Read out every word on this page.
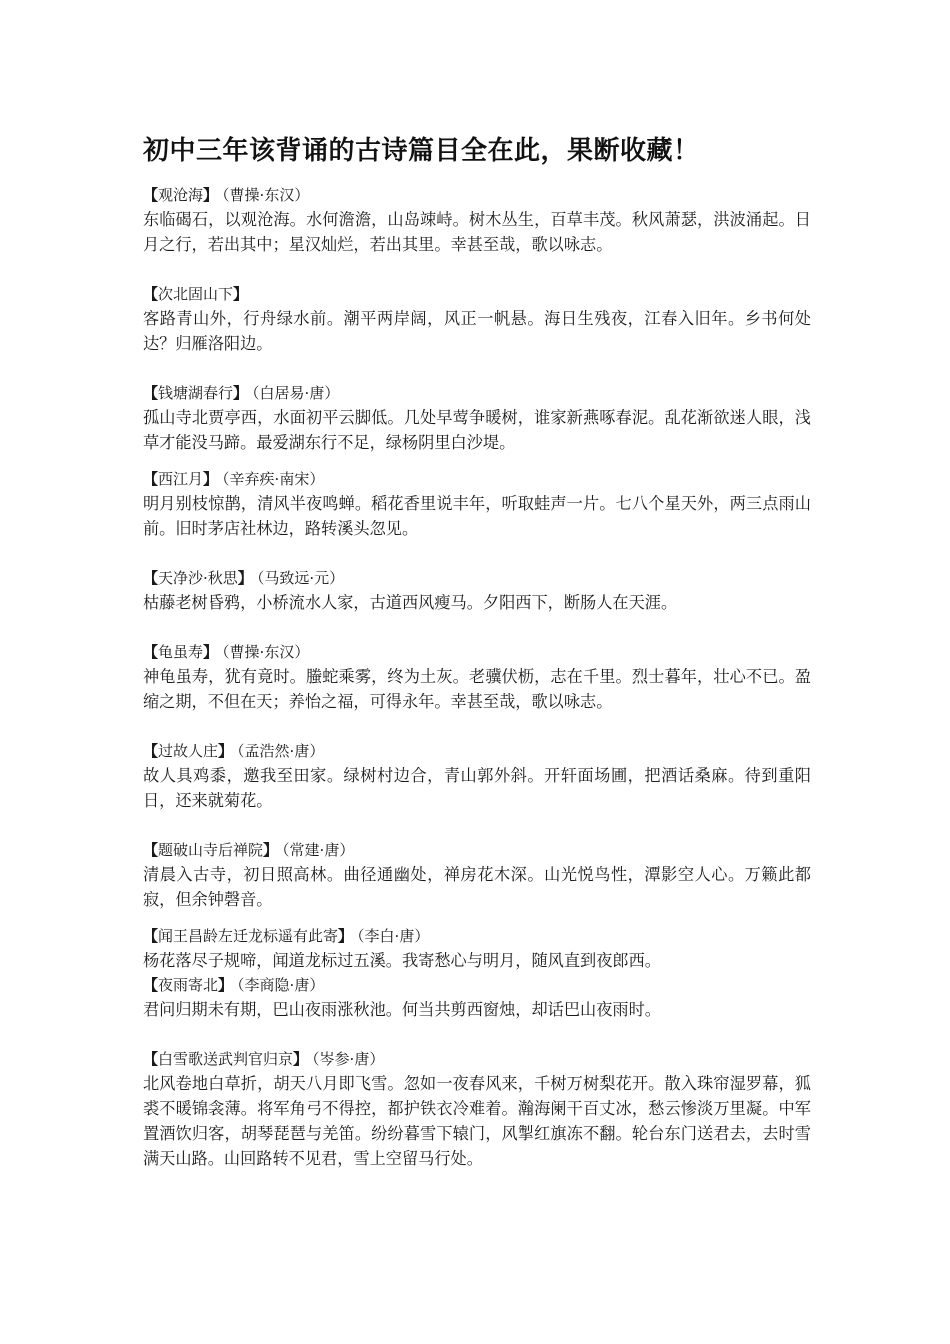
初中三年该背诵的古诗篇目全在此，果断收藏！
【观沧海】 （曹操·东汉）

东临碣石，以观沧海。水何澹澹，山岛竦峙。树木丛生，百草丰茂。秋风萧瑟，洪波涌起。日月之行，若出其中；星汉灿烂，若出其里。幸甚至哉，歌以咏志。

【次北固山下】

客路青山外，行舟绿水前。潮平两岸阔，风正一帆悬。海日生残夜，江春入旧年。乡书何处达？归雁洛阳边。

【钱塘湖春行】 （白居易·唐）

孤山寺北贾亭西，水面初平云脚低。几处早莺争暖树，谁家新燕啄春泥。乱花渐欲迷人眼，浅草才能没马蹄。最爱湖东行不足，绿杨阴里白沙堤。

【西江月】 （辛弃疾·南宋）

明月别枝惊鹊，清风半夜鸣蝉。稻花香里说丰年，听取蛙声一片。七八个星天外，两三点雨山前。旧时茅店社林边，路转溪头忽见。

【天净沙·秋思】 （马致远·元）

枯藤老树昏鸦，小桥流水人家，古道西风瘦马。夕阳西下，断肠人在天涯。

【龟虽寿】 （曹操·东汉）

神龟虽寿，犹有竟时。螣蛇乘雾，终为土灰。老骥伏枥，志在千里。烈士暮年，壮心不已。盈缩之期，不但在天；养怡之福，可得永年。幸甚至哉，歌以咏志。

【过故人庄】 （孟浩然·唐）

故人具鸡黍，邀我至田家。绿树村边合，青山郭外斜。开轩面场圃，把酒话桑麻。待到重阳日，还来就菊花。

【题破山寺后禅院】 （常建·唐）

清晨入古寺，初日照高林。曲径通幽处，禅房花木深。山光悦鸟性，潭影空人心。万籁此都寂，但余钟磬音。

【闻王昌龄左迁龙标遥有此寄】 （李白·唐）

杨花落尽子规啼，闻道龙标过五溪。我寄愁心与明月，随风直到夜郎西。

【夜雨寄北】 （李商隐·唐）

君问归期未有期，巴山夜雨涨秋池。何当共剪西窗烛，却话巴山夜雨时。

【白雪歌送武判官归京】 （岑参·唐）

北风卷地白草折，胡天八月即飞雪。忽如一夜春风来，千树万树梨花开。散入珠帘湿罗幕，狐裘不暖锦衾薄。将军角弓不得控，都护铁衣冷难着。瀚海阑干百丈冰，愁云惨淡万里凝。中军置酒饮归客，胡琴琵琶与羌笛。纷纷暮雪下辕门，风掣红旗冻不翻。轮台东门送君去，去时雪满天山路。山回路转不见君，雪上空留马行处。
